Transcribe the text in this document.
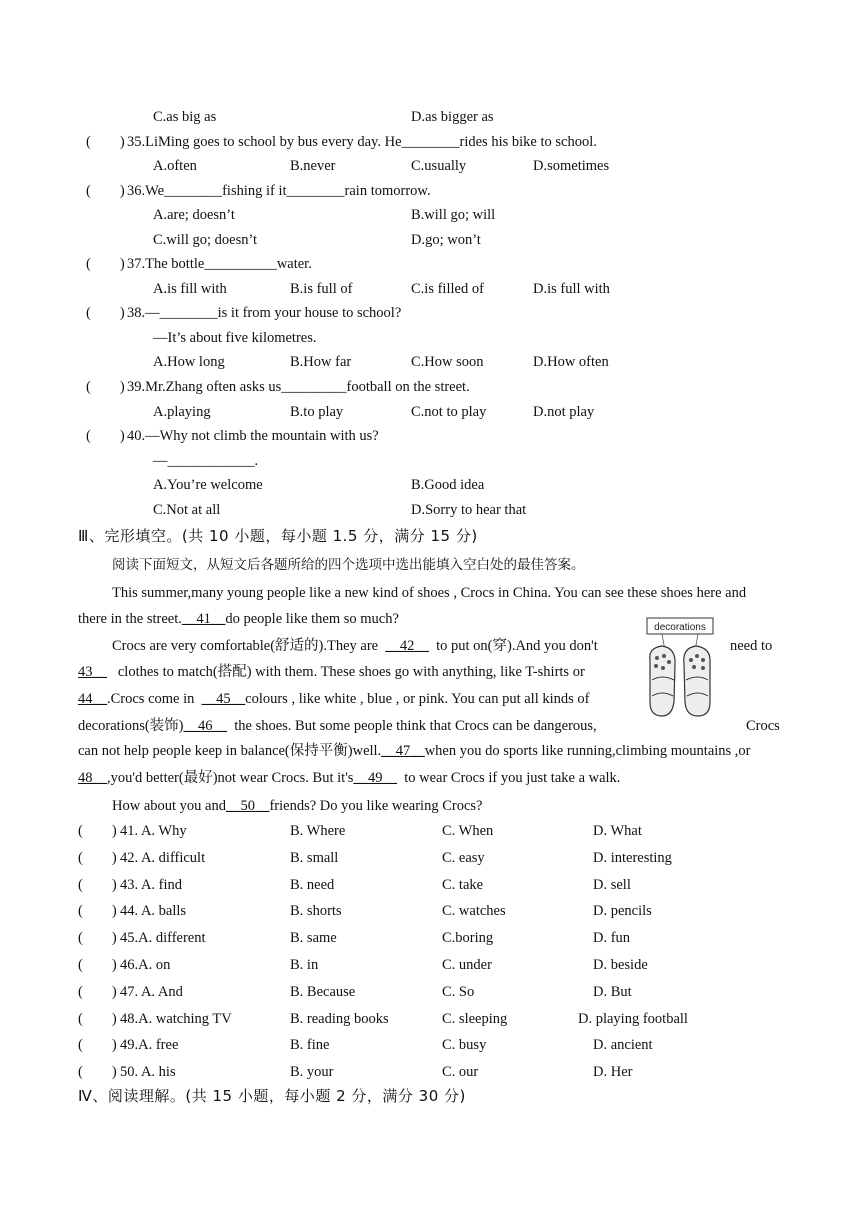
C.as big as	D.as bigger as
(        ) 35.LiMing goes to school by bus every day. He________rides his bike to school.
A.often	B.never	C.usually	D.sometimes
(        ) 36.We________fishing if it________rain tomorrow.
A.are; doesn’t	B.will go; will
C.will go; doesn’t	D.go; won’t
(        ) 37.The bottle__________water.
A.is fill with	B.is full of	C.is filled of	D.is full with
(        ) 38.—________is it from your house to school?
—It’s about five kilometres.
A.How long	B.How far	C.How soon	D.How often
(        ) 39.Mr.Zhang often asks us_________football on the street.
A.playing	B.to play	C.not to play	D.not play
(        ) 40.—Why not climb the mountain with us?
—____________.
A.You’re welcome	B.Good idea
C.Not at all	D.Sorry to hear that
Ⅲ、完形填空。(共 10 小题，每小题 1.5 分，满分 15 分)
阅读下面短文，从短文后各题所给的四个选项中选出能填入空白处的最佳答案。
This summer,many young people like a new kind of shoes , Crocs in China. You can see these shoes here and
there in the street.__41__do people like them so much?
Crocs are very comfortable(舒适的).They are __42__ to put on(穿).And you don't	need to
43__ clothes to match(搭配) with them. These shoes go with anything, like T-shirts or
44__.Crocs come in __45__colours , like white , blue , or pink. You can put all kinds of
decorations(装饰)__46__ the shoes. But some people think that Crocs can be dangerous,	Crocs
can not help people keep in balance(保持平衡)well.__47__when you do sports like running,climbing mountains ,or
48__,you'd better(最好)not wear Crocs. But it's__49__ to wear Crocs if you just take a walk.
How about you and__50__friends? Do you like wearing Crocs?
decorations
(        ) 41. A. Why	B. Where	C. When	D. What
(        ) 42. A. difficult	B. small	C. easy	D. interesting
(        ) 43. A. find	B. need	C. take	D. sell
(        ) 44. A. balls	B. shorts	C. watches	D. pencils
(        ) 45.A. different	B. same	C.boring	D. fun
(        ) 46.A. on	B. in	C. under	D. beside
(        ) 47. A. And	B. Because	C. So	D. But
(        ) 48.A. watching TV	B. reading books	C. sleeping	D. playing football
(        ) 49.A. free	B. fine	C. busy	D. ancient
(        ) 50. A. his	B. your	C. our	D. Her
Ⅳ、阅读理解。(共 15 小题，每小题 2 分，满分 30 分)
